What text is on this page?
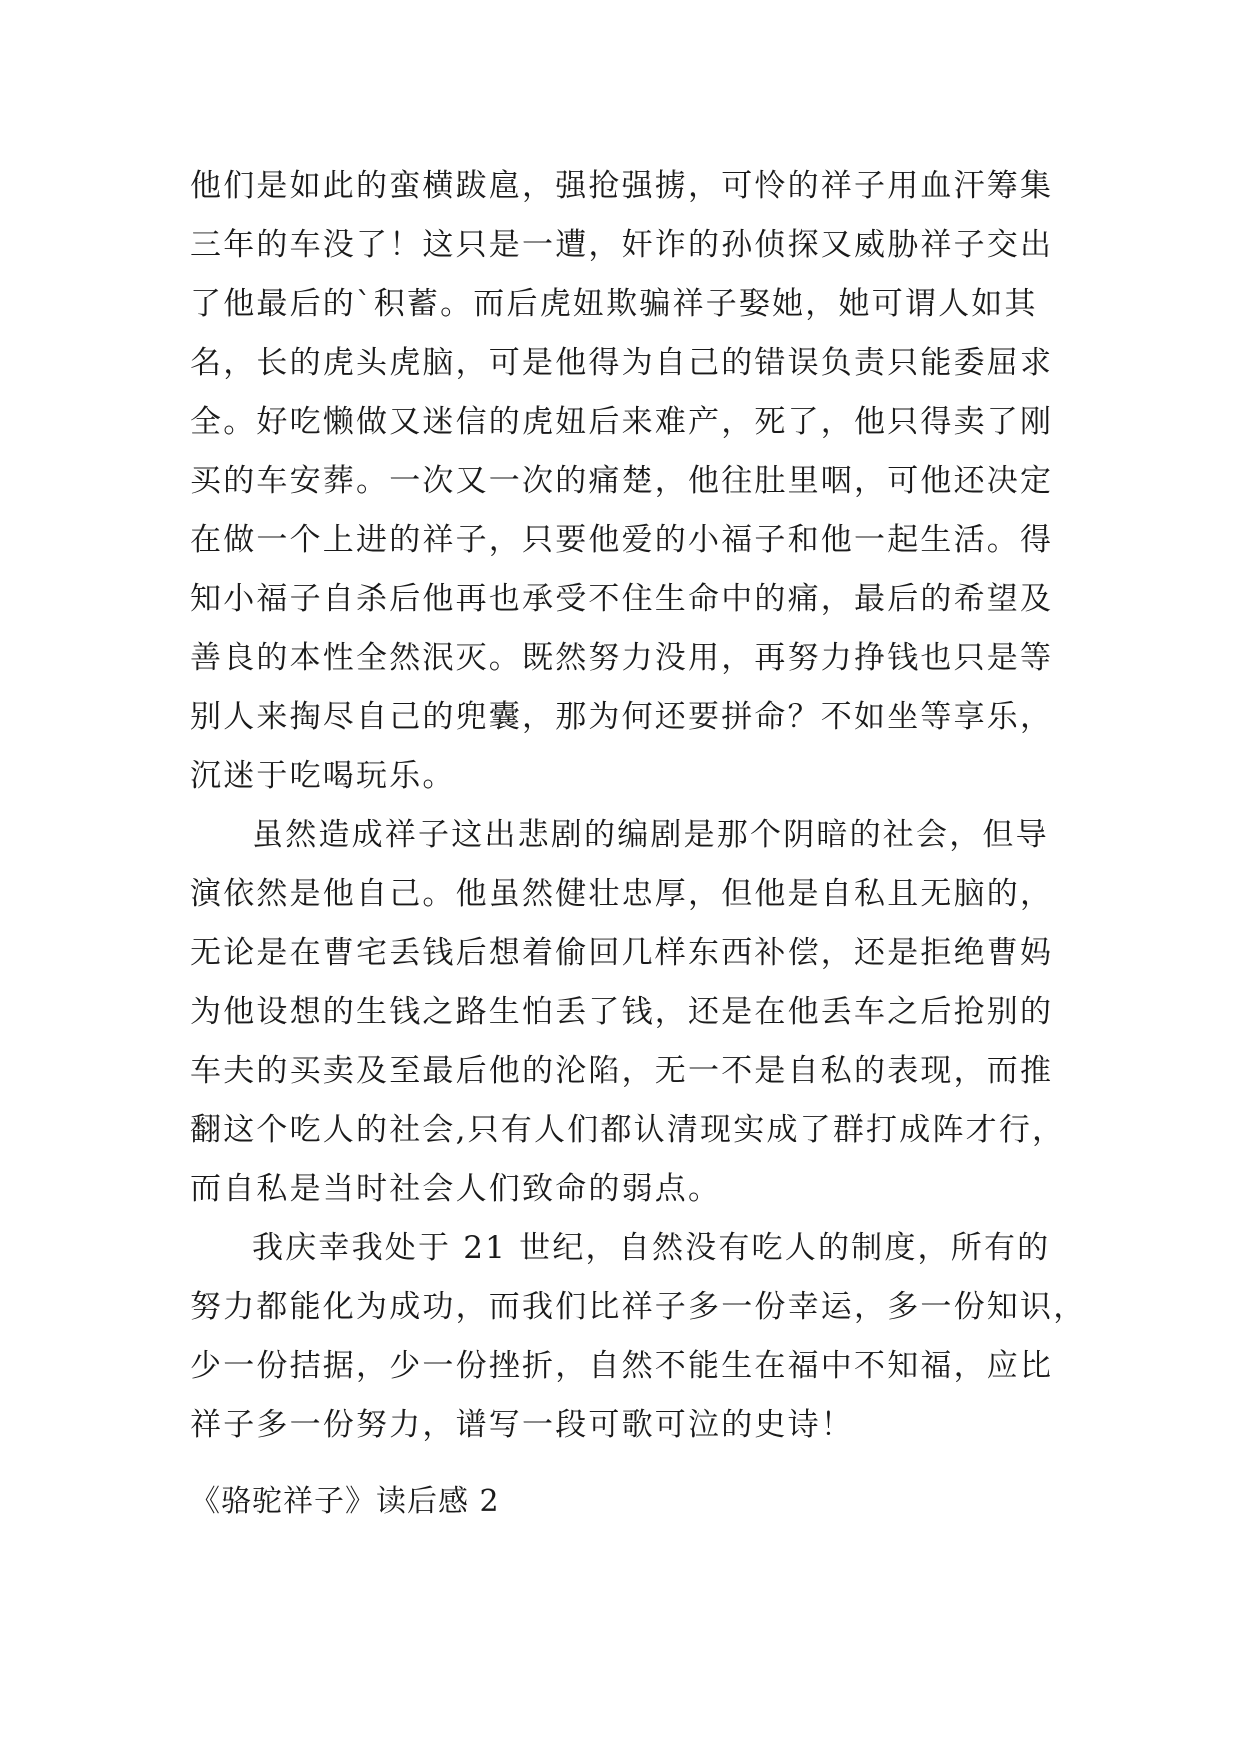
他们是如此的蛮横跋扈，强抢强掳，可怜的祥子用血汗筹集
三年的车没了！这只是一遭，奸诈的孙侦探又威胁祥子交出
了他最后的`积蓄。而后虎妞欺骗祥子娶她，她可谓人如其
名，长的虎头虎脑，可是他得为自己的错误负责只能委屈求
全。好吃懒做又迷信的虎妞后来难产，死了，他只得卖了刚
买的车安葬。一次又一次的痛楚，他往肚里咽，可他还决定
在做一个上进的祥子，只要他爱的小福子和他一起生活。得
知小福子自杀后他再也承受不住生命中的痛，最后的希望及
善良的本性全然泯灭。既然努力没用，再努力挣钱也只是等
别人来掏尽自己的兜囊，那为何还要拼命？不如坐等享乐，
沉迷于吃喝玩乐。
虽然造成祥子这出悲剧的编剧是那个阴暗的社会，但导
演依然是他自己。他虽然健壮忠厚，但他是自私且无脑的，
无论是在曹宅丢钱后想着偷回几样东西补偿，还是拒绝曹妈
为他设想的生钱之路生怕丢了钱，还是在他丢车之后抢别的
车夫的买卖及至最后他的沦陷，无一不是自私的表现，而推
翻这个吃人的社会,只有人们都认清现实成了群打成阵才行，
而自私是当时社会人们致命的弱点。
我庆幸我处于 21 世纪，自然没有吃人的制度，所有的
努力都能化为成功，而我们比祥子多一份幸运，多一份知识，
少一份拮据，少一份挫折，自然不能生在福中不知福，应比
祥子多一份努力，谱写一段可歌可泣的史诗！
《骆驼祥子》读后感 2
